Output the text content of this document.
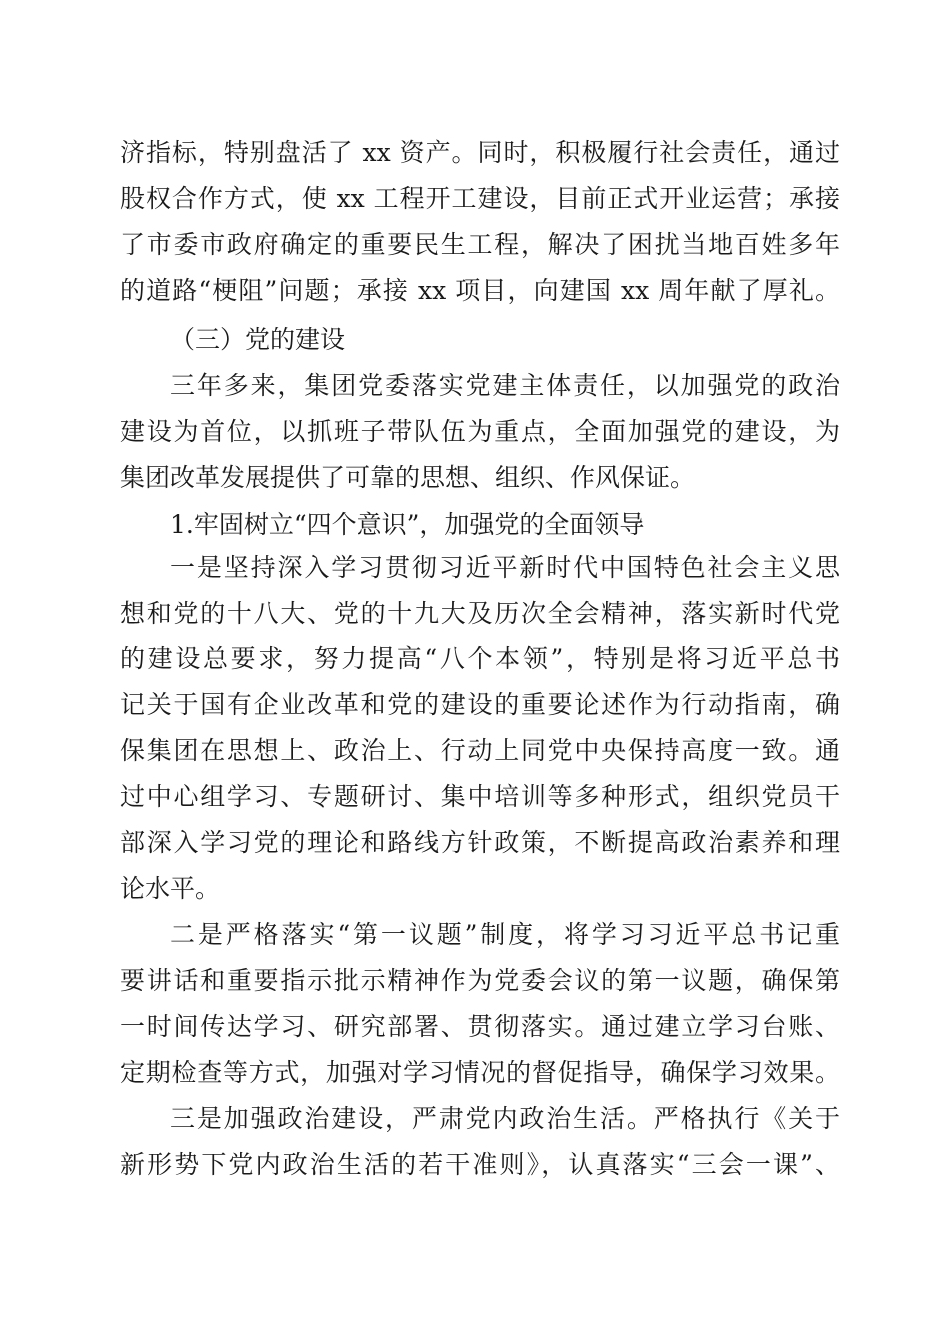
济指标，特别盘活了 xx 资产。同时，积极履行社会责任，通过
股权合作方式，使 xx 工程开工建设，目前正式开业运营；承接
了市委市政府确定的重要民生工程，解决了困扰当地百姓多年
的道路“梗阻”问题；承接 xx 项目，向建国 xx 周年献了厚礼。
（三）党的建设
三年多来，集团党委落实党建主体责任，以加强党的政治
建设为首位，以抓班子带队伍为重点，全面加强党的建设，为
集团改革发展提供了可靠的思想、组织、作风保证。
1.牢固树立“四个意识”，加强党的全面领导
一是坚持深入学习贯彻习近平新时代中国特色社会主义思
想和党的十八大、党的十九大及历次全会精神，落实新时代党
的建设总要求，努力提高“八个本领”，特别是将习近平总书
记关于国有企业改革和党的建设的重要论述作为行动指南，确
保集团在思想上、政治上、行动上同党中央保持高度一致。通
过中心组学习、专题研讨、集中培训等多种形式，组织党员干
部深入学习党的理论和路线方针政策，不断提高政治素养和理
论水平。
二是严格落实“第一议题”制度，将学习习近平总书记重
要讲话和重要指示批示精神作为党委会议的第一议题，确保第
一时间传达学习、研究部署、贯彻落实。通过建立学习台账、
定期检查等方式，加强对学习情况的督促指导，确保学习效果。
三是加强政治建设，严肃党内政治生活。严格执行《关于
新形势下党内政治生活的若干准则》，认真落实“三会一课”、
